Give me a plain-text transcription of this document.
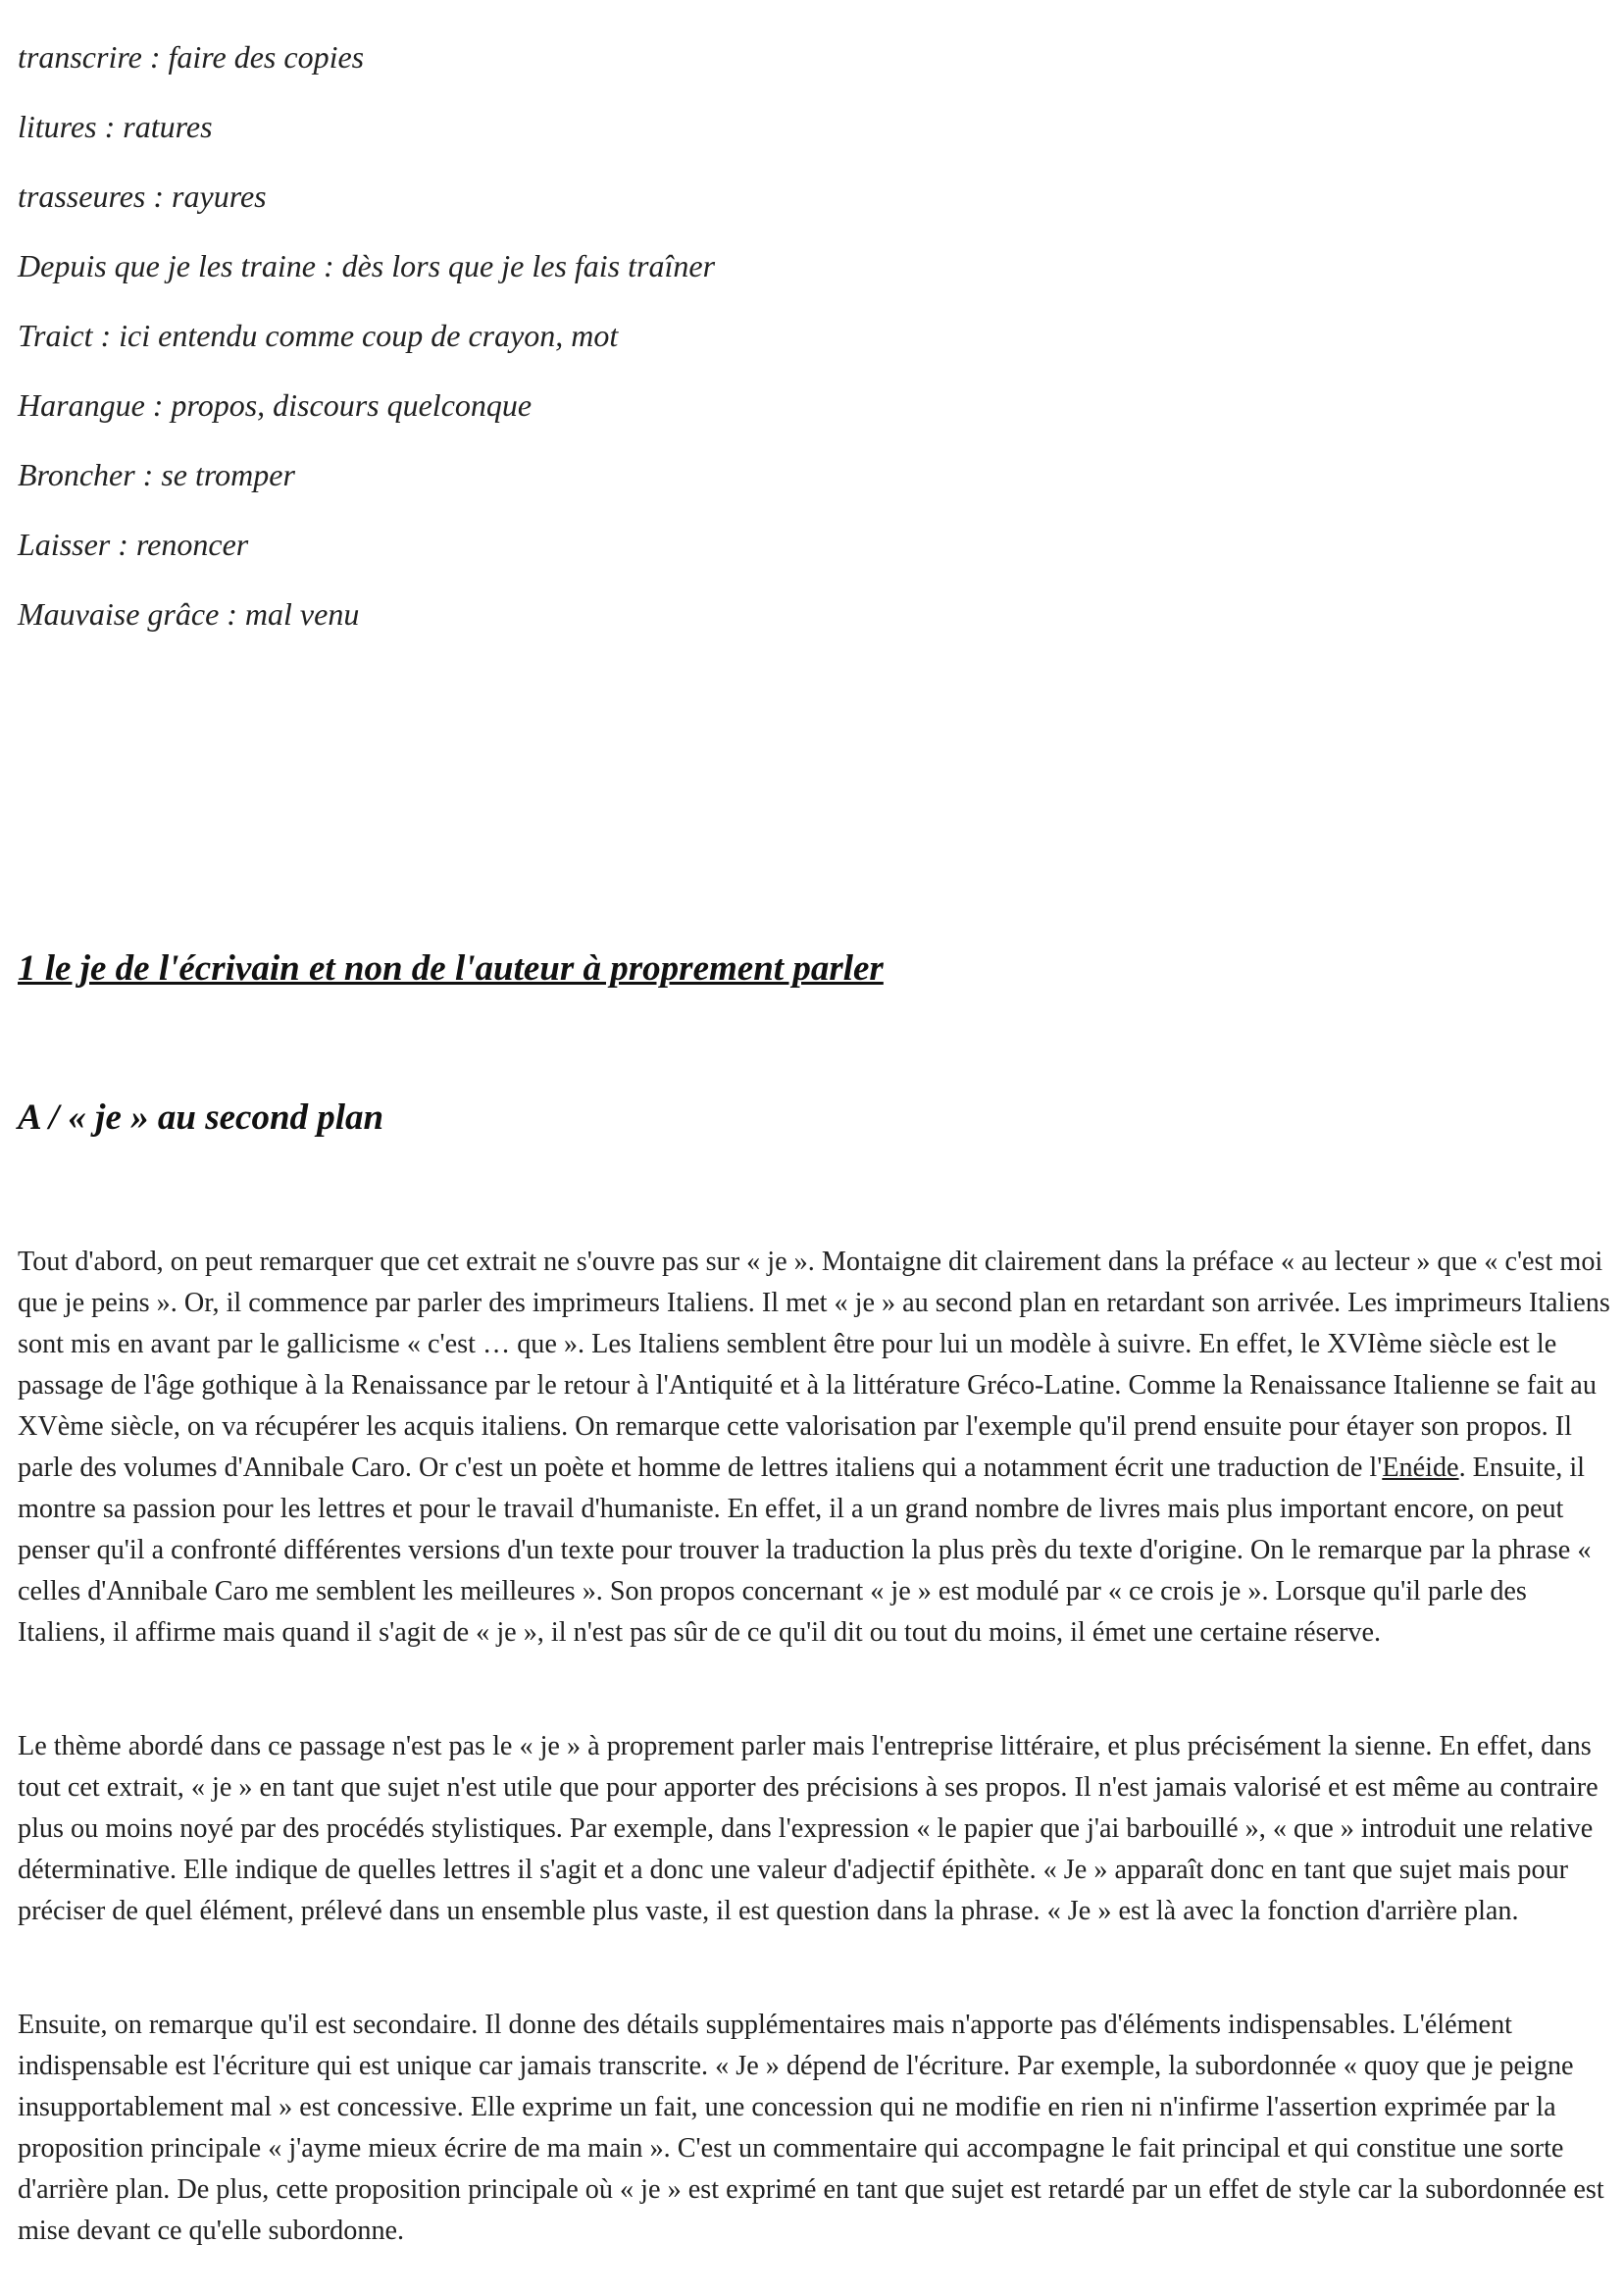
transcrire : faire des copies

litures : ratures

trasseures : rayures

Depuis que je les traine : dès lors que je les fais traîner

Traict : ici entendu comme coup de crayon, mot

Harangue : propos, discours quelconque

Broncher : se tromper

Laisser : renoncer

Mauvaise grâce : mal venu

1 le je de l'écrivain et non de l'auteur à proprement parler
A / « je » au second plan

Tout d'abord, on peut remarquer que cet extrait ne s'ouvre pas sur « je ». Montaigne dit clairement dans la préface « au lecteur » que « c'est moi que je peins ». Or, il commence par parler des imprimeurs Italiens. Il met « je » au second plan en retardant son arrivée. Les imprimeurs Italiens sont mis en avant par le gallicisme « c'est … que ». Les Italiens semblent être pour lui un modèle à suivre. En effet, le XVIème siècle est le passage de l'âge gothique à la Renaissance par le retour à l'Antiquité et à la littérature Gréco-Latine. Comme la Renaissance Italienne se fait au XVème siècle, on va récupérer les acquis italiens. On remarque cette valorisation par l'exemple qu'il prend ensuite pour étayer son propos. Il parle des volumes d'Annibale Caro. Or c'est un poète et homme de lettres italiens qui a notamment écrit une traduction de l'Enéide. Ensuite, il montre sa passion pour les lettres et pour le travail d'humaniste. En effet, il a un grand nombre de livres mais plus important encore, on peut penser qu'il a confronté différentes versions d'un texte pour trouver la traduction la plus près du texte d'origine. On le remarque par la phrase « celles d'Annibale Caro me semblent les meilleures ». Son propos concernant « je » est modulé par « ce crois je ». Lorsque qu'il parle des Italiens, il affirme mais quand il s'agit de « je », il n'est pas sûr de ce qu'il dit ou tout du moins, il émet une certaine réserve.

Le thème abordé dans ce passage n'est pas le « je » à proprement parler mais l'entreprise littéraire, et plus précisément la sienne. En effet, dans tout cet extrait, « je » en tant que sujet n'est utile que pour apporter des précisions à ses propos. Il n'est jamais valorisé et est même au contraire plus ou moins noyé par des procédés stylistiques. Par exemple, dans l'expression « le papier que j'ai barbouillé », « que » introduit une relative déterminative. Elle indique de quelles lettres il s'agit et a donc une valeur d'adjectif épithète. « Je » apparaît donc en tant que sujet mais pour préciser de quel élément, prélevé dans un ensemble plus vaste, il est question dans la phrase. « Je » est là avec la fonction d'arrière plan.

Ensuite, on remarque qu'il est secondaire. Il donne des détails supplémentaires mais n'apporte pas d'éléments indispensables. L'élément indispensable est l'écriture qui est unique car jamais transcrite. « Je » dépend de l'écriture. Par exemple, la subordonnée « quoy que je peigne insupportablement mal » est concessive. Elle exprime un fait, une concession qui ne modifie en rien ni n'infirme l'assertion exprimée par la proposition principale « j'ayme mieux écrire de ma main ». C'est un commentaire qui accompagne le fait principal et qui constitue une sorte d'arrière plan. De plus, cette proposition principale où « je » est exprimé en tant que sujet est retardé par un effet de style car la subordonnée est mise devant ce qu'elle subordonne.
